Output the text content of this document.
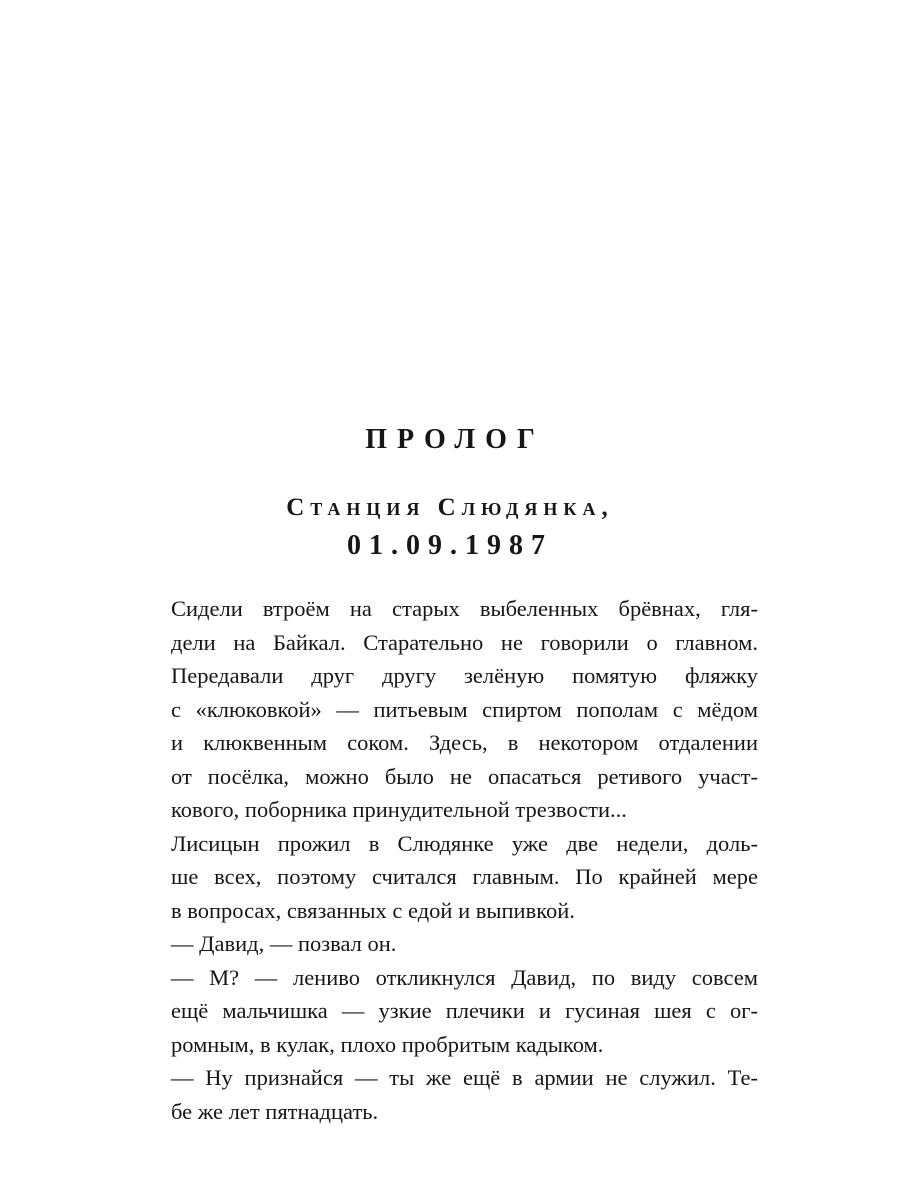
ПРОЛОГ
Станция Слюдянка,
01.09.1987

Сидели втроём на старых выбеленных брёвнах, гля-
дели на Байкал. Старательно не говорили о главном.
Передавали друг другу зелёную помятую фляжку
с «клюковкой» — питьевым спиртом пополам с мёдом
и клюквенным соком. Здесь, в некотором отдалении
от посёлка, можно было не опасаться ретивого участ-
кового, поборника принудительной трезвости...

Лисицын прожил в Слюдянке уже две недели, доль-
ше всех, поэтому считался главным. По крайней мере
в вопросах, связанных с едой и выпивкой.

— Давид, — позвал он.

— М? — лениво откликнулся Давид, по виду совсем
ещё мальчишка — узкие плечики и гусиная шея с ог-
ромным, в кулак, плохо пробритым кадыком.

— Ну признайся — ты же ещё в армии не служил. Те-
бе же лет пятнадцать.
